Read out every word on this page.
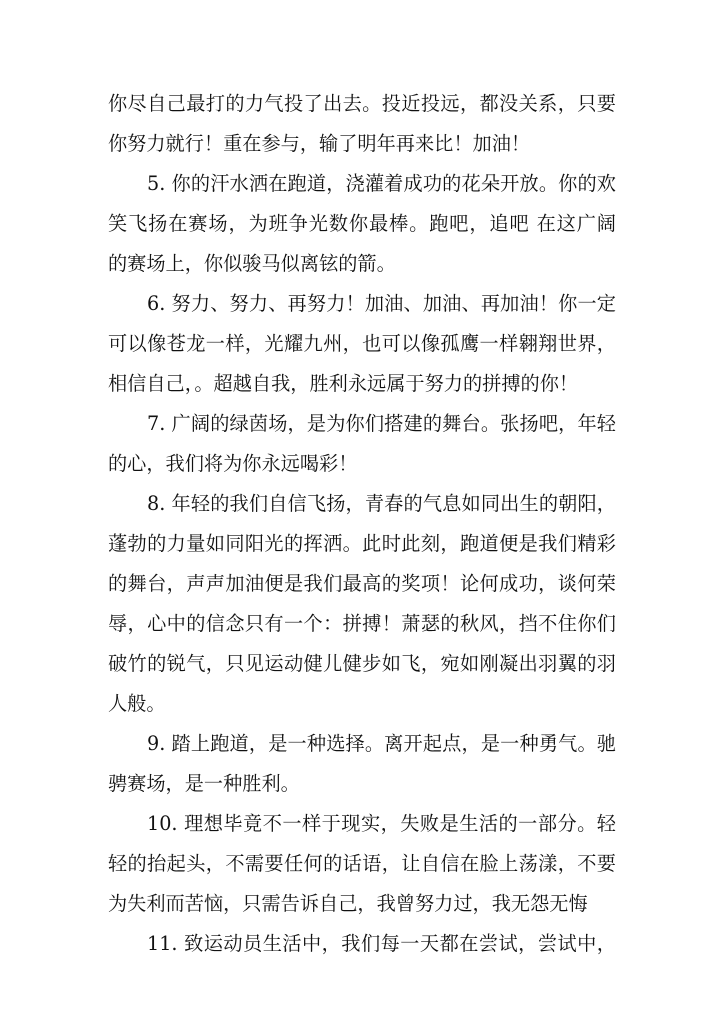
你尽自己最打的力气投了出去。投近投远，都没关系，只要
你努力就行！重在参与，输了明年再来比！加油！
5. 你的汗水洒在跑道，浇灌着成功的花朵开放。你的欢
笑飞扬在赛场，为班争光数你最棒。跑吧，追吧 在这广阔
的赛场上，你似骏马似离铉的箭。
6. 努力、努力、再努力！加油、加油、再加油！你一定
可以像苍龙一样，光耀九州，也可以像孤鹰一样翱翔世界，
相信自己，。超越自我，胜利永远属于努力的拼搏的你！
7. 广阔的绿茵场，是为你们搭建的舞台。张扬吧，年轻
的心，我们将为你永远喝彩！
8. 年轻的我们自信飞扬，青春的气息如同出生的朝阳，
蓬勃的力量如同阳光的挥洒。此时此刻，跑道便是我们精彩
的舞台，声声加油便是我们最高的奖项！论何成功，谈何荣
辱，心中的信念只有一个：拼搏！萧瑟的秋风，挡不住你们
破竹的锐气，只见运动健儿健步如飞，宛如刚凝出羽翼的羽
人般。
9. 踏上跑道，是一种选择。离开起点，是一种勇气。驰
骋赛场，是一种胜利。
10. 理想毕竟不一样于现实，失败是生活的一部分。轻
轻的抬起头，不需要任何的话语，让自信在脸上荡漾，不要
为失利而苦恼，只需告诉自己，我曾努力过，我无怨无悔
11. 致运动员生活中，我们每一天都在尝试，尝试中，
